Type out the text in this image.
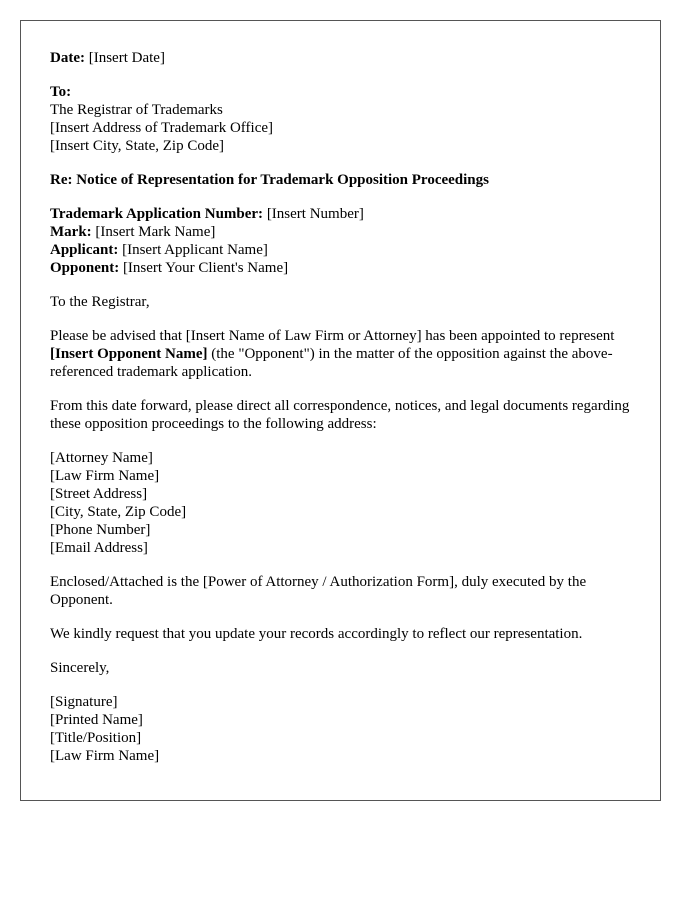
Date: [Insert Date]
To:
The Registrar of Trademarks
[Insert Address of Trademark Office]
[Insert City, State, Zip Code]
Re: Notice of Representation for Trademark Opposition Proceedings
Trademark Application Number: [Insert Number]
Mark: [Insert Mark Name]
Applicant: [Insert Applicant Name]
Opponent: [Insert Your Client's Name]
To the Registrar,
Please be advised that [Insert Name of Law Firm or Attorney] has been appointed to represent [Insert Opponent Name] (the "Opponent") in the matter of the opposition against the above-referenced trademark application.
From this date forward, please direct all correspondence, notices, and legal documents regarding these opposition proceedings to the following address:
[Attorney Name]
[Law Firm Name]
[Street Address]
[City, State, Zip Code]
[Phone Number]
[Email Address]
Enclosed/Attached is the [Power of Attorney / Authorization Form], duly executed by the Opponent.
We kindly request that you update your records accordingly to reflect our representation.
Sincerely,
[Signature]
[Printed Name]
[Title/Position]
[Law Firm Name]
